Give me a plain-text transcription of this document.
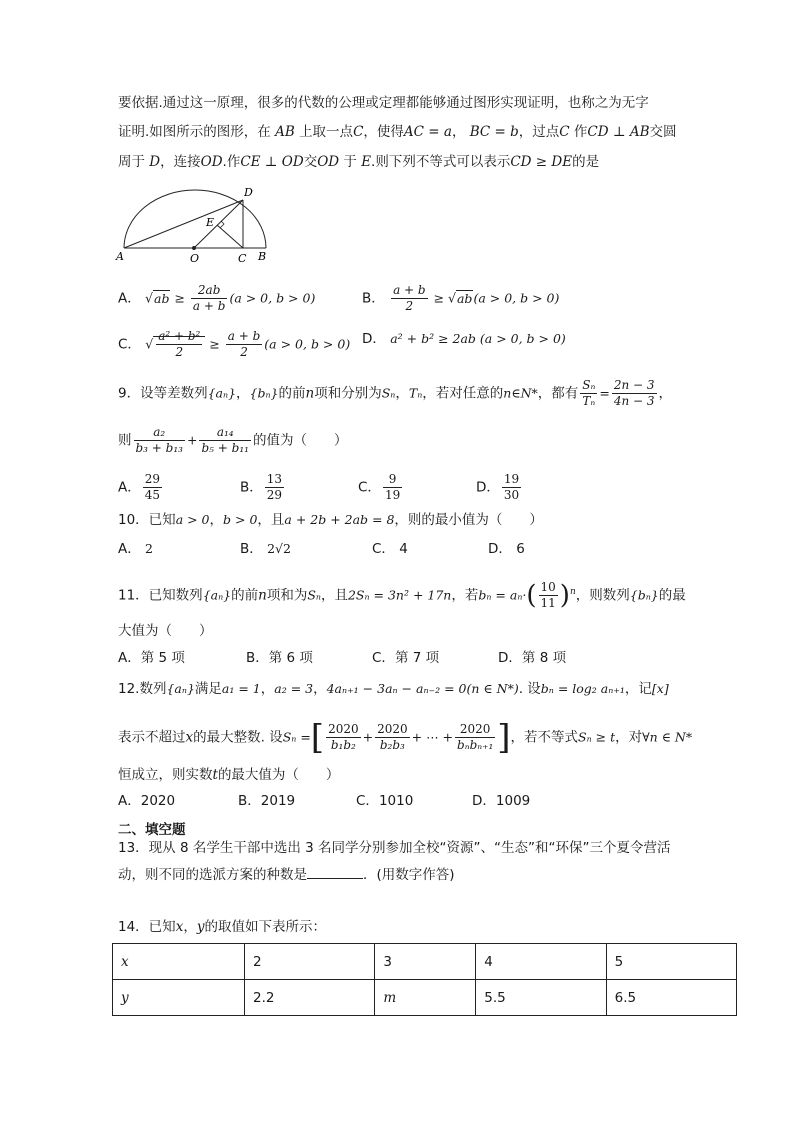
要依据.通过这一原理，很多的代数的公理或定理都能够通过图形实现证明，也称之为无字
证明.如图所示的图形，在 AB 上取一点C，使得AC = a， BC = b，过点C 作CD ⊥ AB交圆
周于 D，连接OD.作CE ⊥ OD交OD 于 E.则下列不等式可以表示CD ≥ DE的是
A	O	C B
D
E
A． $√ab \ge \frac{2ab}{a + b} (a > 0$, b > 0)	B． $\frac{a + b}{2} \ge √ab(a > 0$, b > 0)
C． √ $\frac{\text{a² + b²}}{2} \ge \frac{a + b}{2} (a > 0$, b > 0) D． a² + b² ≥ 2ab (a > 0, b > 0)
9．设等差数列{aₙ}，{bₙ}的前n项和分别为Sₙ，Tₙ，若对任意的n∈N*，都有 $\frac{\text{Sₙ}}{\text{Tₙ}} = \frac{2n - 3}{4n - 3}$ ，
则 $\frac{\text{a₂}}{\text{b₃ + b₁₃}} + \frac{\text{a₁₄}}{\text{b₅ + b₁₁}}$ 的值为（　　）
A． $\frac{29}{45}$	B． $\frac{13}{29}$	C． $\frac{9}{19}$	D． $\frac{19}{30}$
10．已知a > 0，b > 0，且a + 2b + 2ab = 8，则的最小值为（　　）
A． 2	B． 2√2	C． 4	D． 6
11．已知数列{aₙ}的前n项和为Sₙ，且2Sₙ = 3n² + 17n，若$b_n = a_n\cdot( \frac{10}{11} )^n$，则数列{bₙ}的最
大值为（　　）
A．第 5 项	B．第 6 项	C．第 7 项	D．第 8 项
12.数列{aₙ}满足a₁ = 1，a₂ = 3，4aₙ₊₁ − 3aₙ − aₙ₋₂ = 0(n ∈ N*). 设bₙ = log₂ aₙ₊₁，记[x]
表示不超过x的最大整数. 设Sₙ =[ $\frac{2020}{\text{b₁b₂}} + \frac{2020}{\text{b₂b₃}}$ + ⋯ + $\frac{2020}{\text{bₙbₙ₊₁}}$ ]，若不等式Sₙ ≥ t，对∀n ∈ N*
恒成立，则实数t的最大值为（　　）
A．2020	B．2019	C．1010	D．1009
二、填空题
13．现从 8 名学生干部中选出 3 名同学分别参加全校“资源”、“生态”和“环保”三个夏令营活
动，则不同的选派方案的种数是	．(用数字作答)
14．已知x，y的取值如下表所示：
x	2	3	4	5
y	2.2	m	5.5	6.5
